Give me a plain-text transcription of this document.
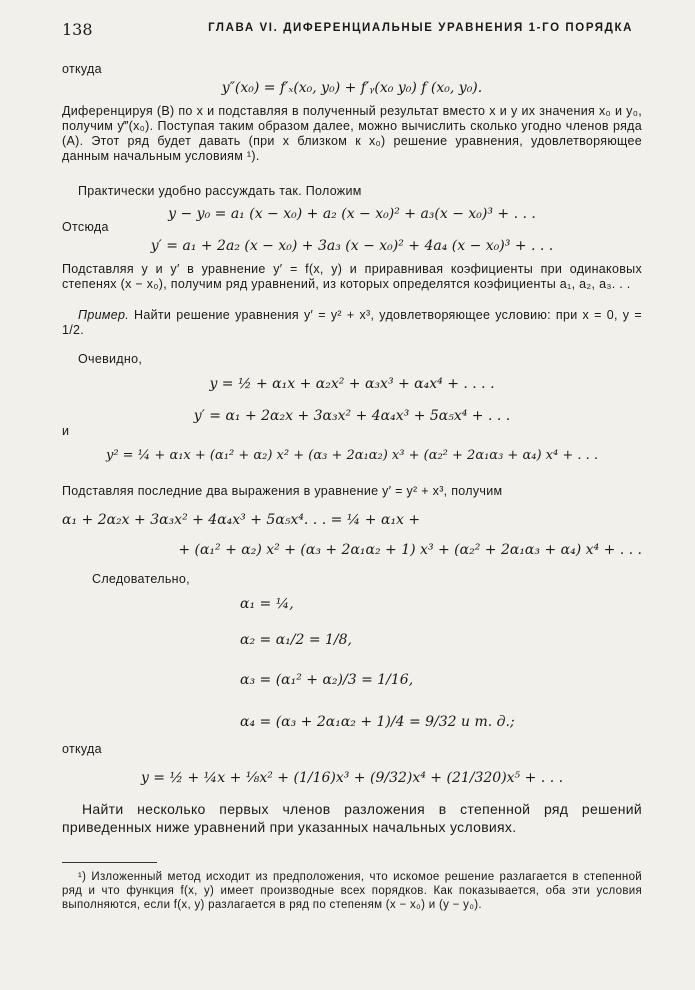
138	ГЛАВА VI. ДИФЕРЕНЦИАЛЬНЫЕ УРАВНЕНИЯ 1-ГО ПОРЯДКА
откуда
y″(x₀) = f′ₓ(x₀, y₀) + f′ᵧ(x₀ y₀) f (x₀, y₀).
Диференцируя (B) по x и подставляя в полученный результат вместо x и y их значения x₀ и y₀, получим y‴(x₀). Поступая таким образом далее, можно вычислить сколько угодно членов ряда (A). Этот ряд будет давать (при x близком к x₀) решение уравнения, удовлетворяющее данным начальным условиям ¹).
Практически удобно рассуждать так. Положим
y − y₀ = a₁ (x − x₀) + a₂ (x − x₀)² + a₃(x − x₀)³ + . . .
Отсюда
y′ = a₁ + 2a₂ (x − x₀) + 3a₃ (x − x₀)² + 4a₄ (x − x₀)³ + . . .
Подставляя y и y′ в уравнение y′ = f(x, y) и приравнивая коэфициенты при одинаковых степенях (x − x₀), получим ряд уравнений, из которых определятся коэфициенты a₁, a₂, a₃. . .
Пример. Найти решение уравнения y′ = y² + x³, удовлетворяющее условию: при x = 0, y = 1/2.
Очевидно,
y = ½ + α₁x + α₂x² + α₃x³ + α₄x⁴ + . . . .
y′ = α₁ + 2α₂x + 3α₃x² + 4α₄x³ + 5α₅x⁴ + . . .
и
y² = ¼ + α₁x + (α₁² + α₂) x² + (α₃ + 2α₁α₂) x³ + (α₂² + 2α₁α₃ + α₄) x⁴ + . . .
Подставляя последние два выражения в уравнение y′ = y² + x³, получим
α₁ + 2α₂x + 3α₃x² + 4α₄x³ + 5α₅x⁴. . . = ¼ + α₁x +
+ (α₁² + α₂) x² + (α₃ + 2α₁α₂ + 1) x³ + (α₂² + 2α₁α₃ + α₄) x⁴ + . . .
Следовательно,
α₁ = ¼,
α₂ = α₁/2 = 1/8,
α₃ = (α₁² + α₂)/3 = 1/16,
α₄ = (α₃ + 2α₁α₂ + 1)/4 = 9/32 и т. д.;
откуда
y = ½ + ¼x + ⅛x² + (1/16)x³ + (9/32)x⁴ + (21/320)x⁵ + . . .
Найти несколько первых членов разложения в степенной ряд решений приведенных ниже уравнений при указанных начальных условиях.
¹) Изложенный метод исходит из предположения, что искомое решение разлагается в степенной ряд и что функция f(x, y) имеет производные всех порядков. Как показывается, оба эти условия выполняются, если f(x, y) разлагается в ряд по степеням (x − x₀) и (y − y₀).
